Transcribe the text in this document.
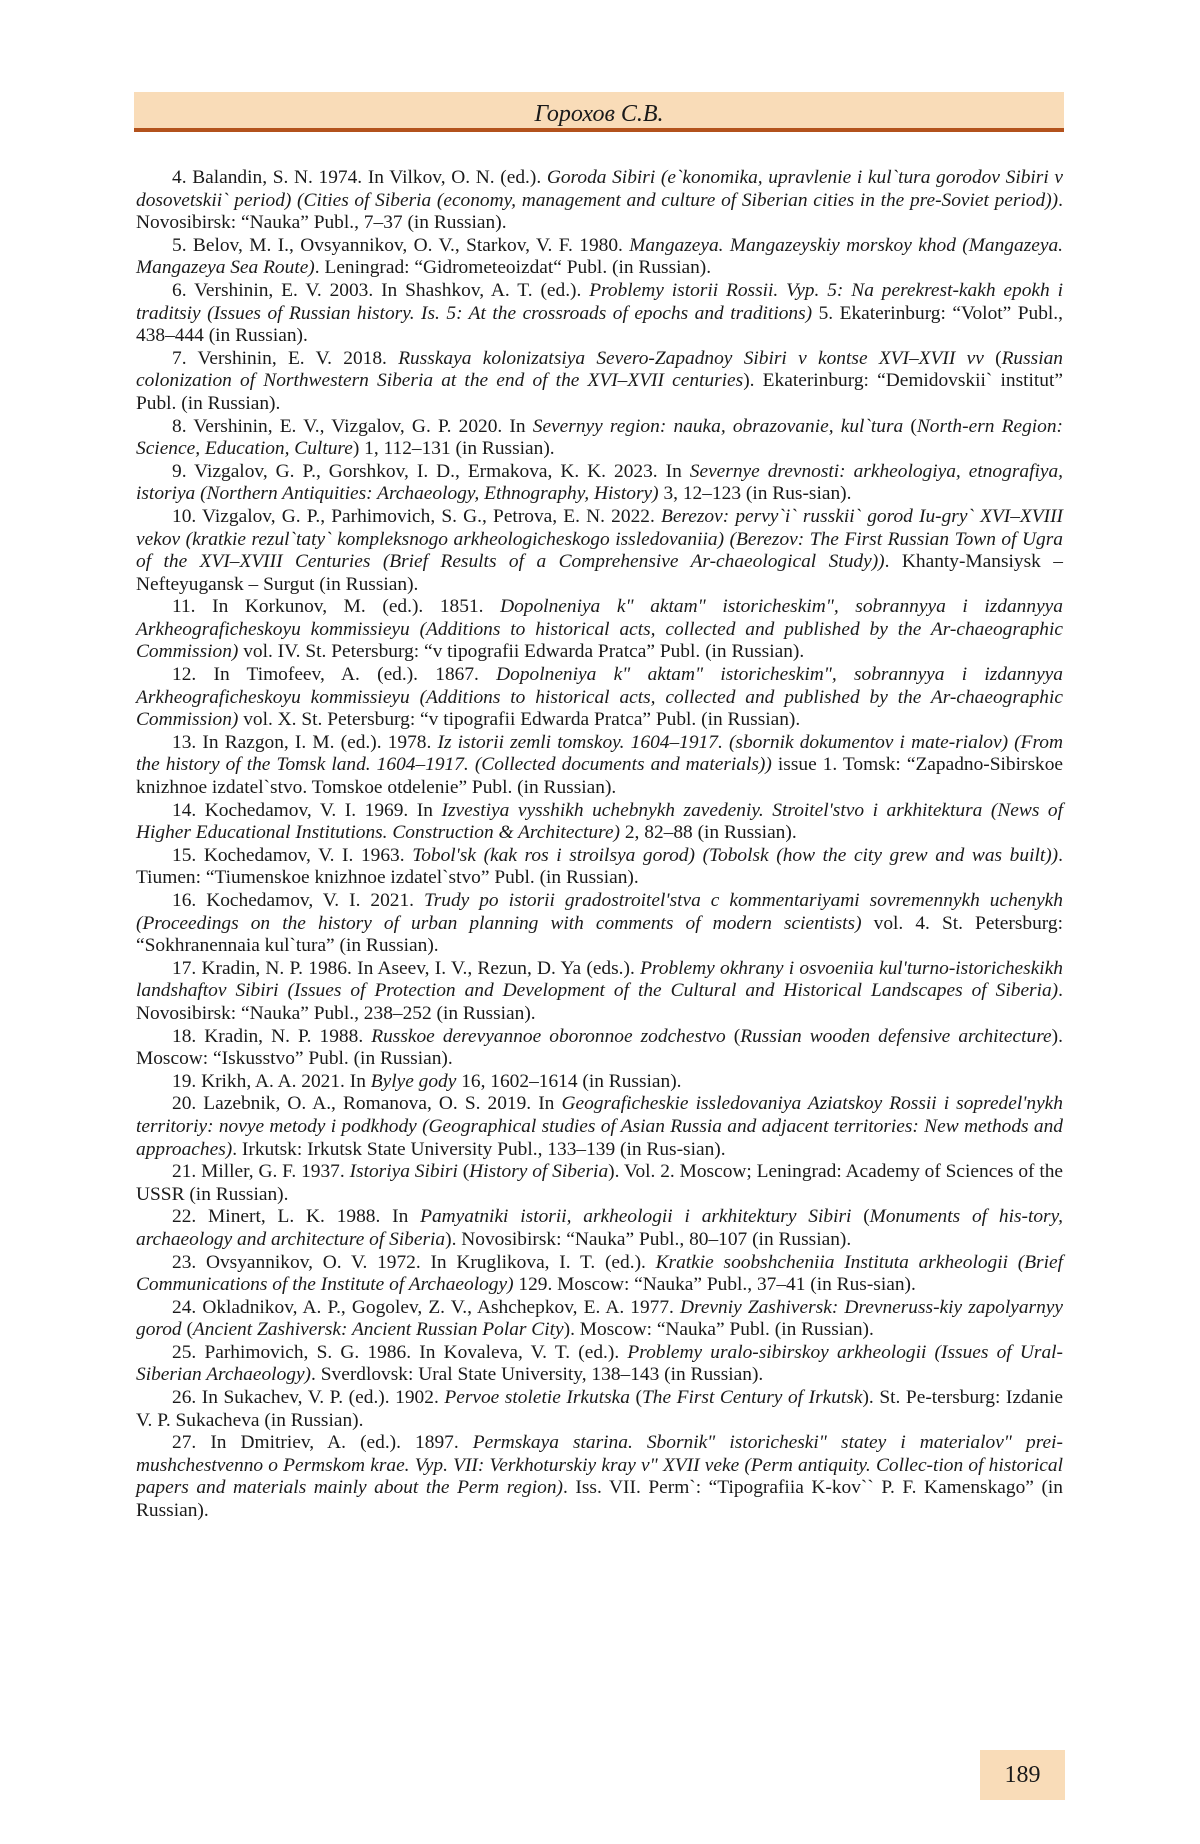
Горохов С.В.

4. Balandin, S. N. 1974. In Vilkov, O. N. (ed.). Goroda Sibiri (e`konomika, upravlenie i kul`tura gorodov Sibiri v dosovetskii` period) (Cities of Siberia (economy, management and culture of Siberian cities in the pre-Soviet period)). Novosibirsk: “Nauka” Publ., 7–37 (in Russian).

5. Belov, M. I., Ovsyannikov, O. V., Starkov, V. F. 1980. Mangazeya. Mangazeyskiy morskoy khod (Mangazeya. Mangazeya Sea Route). Leningrad: “Gidrometeoizdat“ Publ. (in Russian).

6. Vershinin, E. V. 2003. In Shashkov, A. T. (ed.). Problemy istorii Rossii. Vyp. 5: Na perekrest-kakh epokh i traditsiy (Issues of Russian history. Is. 5: At the crossroads of epochs and traditions) 5. Ekaterinburg: “Volot” Publ., 438–444 (in Russian).

7. Vershinin, E. V. 2018. Russkaya kolonizatsiya Severo-Zapadnoy Sibiri v kontse XVI–XVII vv (Russian colonization of Northwestern Siberia at the end of the XVI–XVII centuries). Ekaterinburg: “Demidovskii` institut” Publ. (in Russian).

8. Vershinin, E. V., Vizgalov, G. P. 2020. In Severnyy region: nauka, obrazovanie, kul`tura (North-ern Region: Science, Education, Culture) 1, 112–131 (in Russian).

9. Vizgalov, G. P., Gorshkov, I. D., Ermakova, K. K. 2023. In Severnye drevnosti: arkheologiya, etnografiya, istoriya (Northern Antiquities: Archaeology, Ethnography, History) 3, 12–123 (in Rus-sian).

10. Vizgalov, G. P., Parhimovich, S. G., Petrova, E. N. 2022. Berezov: pervy`i` russkii` gorod Iu-gry` XVI–XVIII vekov (kratkie rezul`taty` kompleksnogo arkheologicheskogo issledovaniia) (Berezov: The First Russian Town of Ugra of the XVI–XVIII Centuries (Brief Results of a Comprehensive Ar-chaeological Study)). Khanty-Mansiysk – Nefteyugansk – Surgut (in Russian).

11. In Korkunov, M. (ed.). 1851. Dopolneniya k" aktam" istoricheskim", sobrannyya i izdannyya Arkheograficheskoyu kommissieyu (Additions to historical acts, collected and published by the Ar-chaeographic Commission) vol. IV. St. Petersburg: “v tipografii Edwarda Pratca” Publ. (in Russian).

12. In Timofeev, A. (ed.). 1867. Dopolneniya k" aktam" istoricheskim", sobrannyya i izdannyya Arkheograficheskoyu kommissieyu (Additions to historical acts, collected and published by the Ar-chaeographic Commission) vol. X. St. Petersburg: “v tipografii Edwarda Pratca” Publ. (in Russian).

13. In Razgon, I. M. (ed.). 1978. Iz istorii zemli tomskoy. 1604–1917. (sbornik dokumentov i mate-rialov) (From the history of the Tomsk land. 1604–1917. (Collected documents and materials)) issue 1. Tomsk: “Zapadno-Sibirskoe knizhnoe izdatel`stvo. Tomskoe otdelenie” Publ. (in Russian).

14. Kochedamov, V. I. 1969. In Izvestiya vysshikh uchebnykh zavedeniy. Stroitel'stvo i arkhitektura (News of Higher Educational Institutions. Construction & Architecture) 2, 82–88 (in Russian).

15. Kochedamov, V. I. 1963. Tobol'sk (kak ros i stroilsya gorod) (Tobolsk (how the city grew and was built)). Tiumen: “Tiumenskoe knizhnoe izdatel`stvo” Publ. (in Russian).

16. Kochedamov, V. I. 2021. Trudy po istorii gradostroitel'stva c kommentariyami sovremennykh uchenykh (Proceedings on the history of urban planning with comments of modern scientists) vol. 4. St. Petersburg: “Sokhranennaia kul`tura” (in Russian).

17. Kradin, N. P. 1986. In Aseev, I. V., Rezun, D. Ya (eds.). Problemy okhrany i osvoeniia kul'turno-istoricheskikh landshaftov Sibiri (Issues of Protection and Development of the Cultural and Historical Landscapes of Siberia). Novosibirsk: “Nauka” Publ., 238–252 (in Russian).

18. Kradin, N. P. 1988. Russkoe derevyannoe oboronnoe zodchestvo (Russian wooden defensive architecture). Moscow: “Iskusstvo” Publ. (in Russian).

19. Krikh, A. A. 2021. In Bylye gody 16, 1602–1614 (in Russian).

20. Lazebnik, O. A., Romanova, O. S. 2019. In Geograficheskie issledovaniya Aziatskoy Rossii i sopredel'nykh territoriy: novye metody i podkhody (Geographical studies of Asian Russia and adjacent territories: New methods and approaches). Irkutsk: Irkutsk State University Publ., 133–139 (in Rus-sian).

21. Miller, G. F. 1937. Istoriya Sibiri (History of Siberia). Vol. 2. Moscow; Leningrad: Academy of Sciences of the USSR (in Russian).

22. Minert, L. K. 1988. In Pamyatniki istorii, arkheologii i arkhitektury Sibiri (Monuments of his-tory, archaeology and architecture of Siberia). Novosibirsk: “Nauka” Publ., 80–107 (in Russian).

23. Ovsyannikov, O. V. 1972. In Kruglikova, I. T. (ed.). Kratkie soobshcheniia Instituta arkheologii (Brief Communications of the Institute of Archaeology) 129. Moscow: “Nauka” Publ., 37–41 (in Rus-sian).

24. Okladnikov, A. P., Gogolev, Z. V., Ashchepkov, E. A. 1977. Drevniy Zashiversk: Drevneruss-kiy zapolyarnyy gorod (Ancient Zashiversk: Ancient Russian Polar City). Moscow: “Nauka” Publ. (in Russian).

25. Parhimovich, S. G. 1986. In Kovaleva, V. T. (ed.). Problemy uralo-sibirskoy arkheologii (Issues of Ural-Siberian Archaeology). Sverdlovsk: Ural State University, 138–143 (in Russian).

26. In Sukachev, V. P. (ed.). 1902. Pervoe stoletie Irkutska (The First Century of Irkutsk). St. Pe-tersburg: Izdanie V. P. Sukacheva (in Russian).

27. In Dmitriev, A. (ed.). 1897. Permskaya starina. Sbornik" istoricheski" statey i materialov" prei-mushchestvenno o Permskom krae. Vyp. VII: Verkhoturskiy kray v" XVII veke (Perm antiquity. Collec-tion of historical papers and materials mainly about the Perm region). Iss. VII. Perm`: “Tipografiia K-kov`` P. F. Kamenskago” (in Russian).

189
